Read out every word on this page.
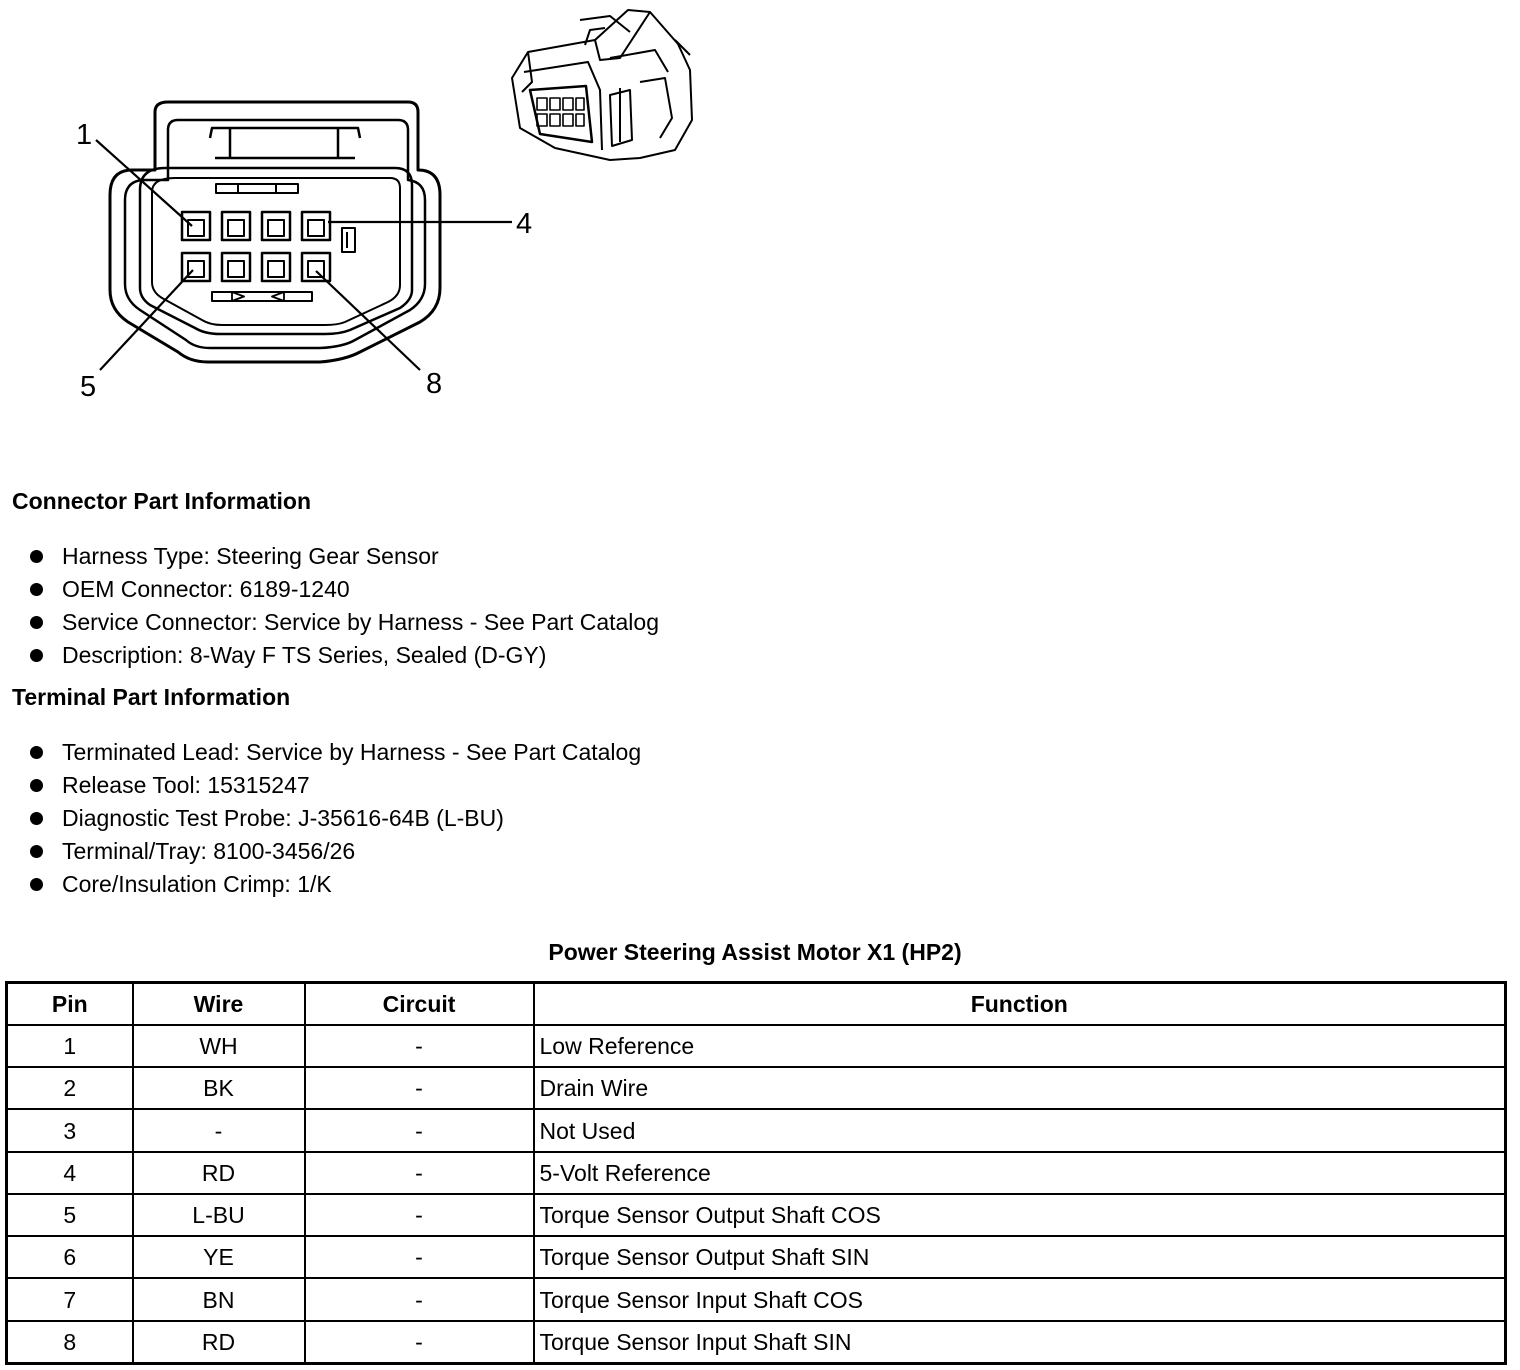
1
4
5	8
Connector Part Information
Harness Type: Steering Gear Sensor
OEM Connector: 6189-1240
Service Connector: Service by Harness - See Part Catalog
Description: 8-Way F TS Series, Sealed (D-GY)
Terminal Part Information
Terminated Lead: Service by Harness - See Part Catalog
Release Tool: 15315247
Diagnostic Test Probe: J-35616-64B (L-BU)
Terminal/Tray: 8100-3456/26
Core/Insulation Crimp: 1/K
Power Steering Assist Motor X1 (HP2)
Pin	Wire	Circuit	Function
1	WH	-	Low Reference
2	BK	-	Drain Wire
3	-	-	Not Used
4	RD	-	5-Volt Reference
5	L-BU	-	Torque Sensor Output Shaft COS
6	YE	-	Torque Sensor Output Shaft SIN
7	BN	-	Torque Sensor Input Shaft COS
8	RD	-	Torque Sensor Input Shaft SIN
